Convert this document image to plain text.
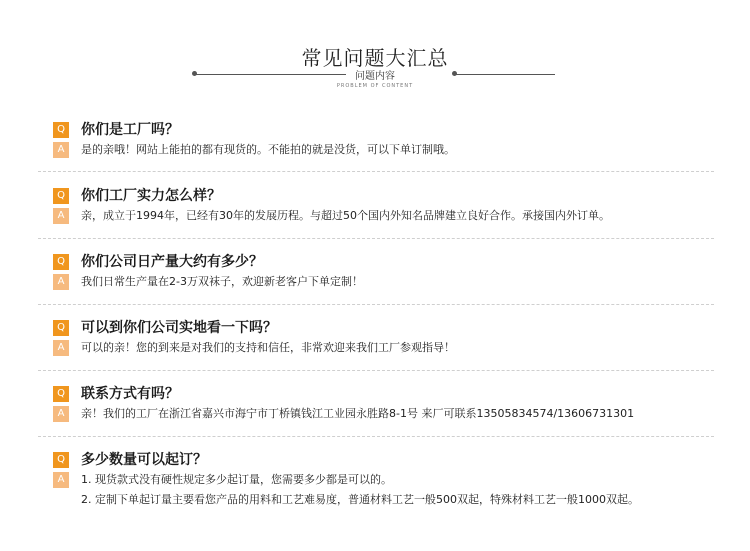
常见问题大汇总
问题内容
PROBLEM OF CONTENT
Q 你们是工厂吗？
A	是的亲哦！网站上能拍的都有现货的。不能拍的就是没货，可以下单订制哦。
Q 你们工厂实力怎么样？
A	亲，成立于1994年，已经有30年的发展历程。与超过50个国内外知名品牌建立良好合作。承接国内外订单。
Q 你们公司日产量大约有多少？
A	我们日常生产量在2-3万双袜子，欢迎新老客户下单定制！
Q 可以到你们公司实地看一下吗？
A	可以的亲！您的到来是对我们的支持和信任，非常欢迎来我们工厂参观指导！
Q 联系方式有吗？
A	亲！我们的工厂在浙江省嘉兴市海宁市丁桥镇钱江工业园永胜路8-1号 来厂可联系13505834574/13606731301
Q 多少数量可以起订？
A	1. 现货款式没有硬性规定多少起订量，您需要多少都是可以的。
2. 定制下单起订量主要看您产品的用料和工艺难易度，普通材料工艺一般500双起，特殊材料工艺一般1000双起。
